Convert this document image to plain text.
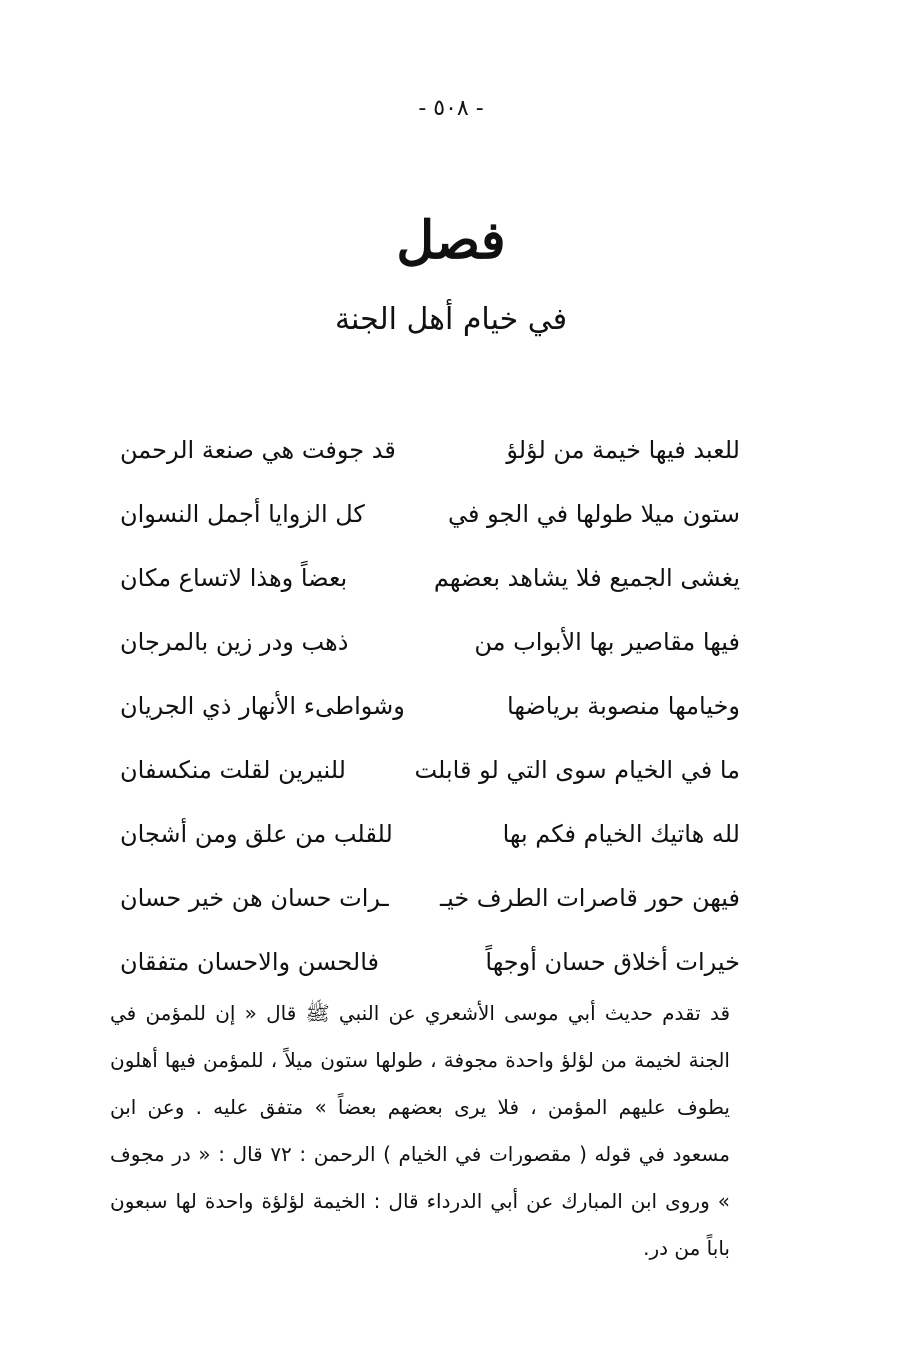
- ٥٠٨ -
فصل
في خيام أهل الجنة
للعبد فيها خيمة من لؤلؤ
قد جوفت هي صنعة الرحمن
ستون ميلا طولها في الجو في
كل الزوايا أجمل النسوان
يغشى الجميع فلا يشاهد بعضهم
بعضاً وهذا لاتساع مكان
فيها مقاصير بها الأبواب من
ذهب ودر زين بالمرجان
وخيامها منصوبة برياضها
وشواطىء الأنهار ذي الجريان
ما في الخيام سوى التي لو قابلت
للنيرين لقلت منكسفان
لله هاتيك الخيام فكم بها
للقلب من علق ومن أشجان
فيهن حور قاصرات الطرف خيـ
ـرات حسان هن خير حسان
خيرات أخلاق حسان أوجهاً
فالحسن والاحسان متفقان
قد تقدم حديث أبي موسى الأشعري عن النبي ﷺ قال « إن للمؤمن في الجنة لخيمة من لؤلؤ واحدة مجوفة ، طولها ستون ميلاً ، للمؤمن فيها أهلون يطوف عليهم المؤمن ، فلا يرى بعضهم بعضاً » متفق عليه . وعن ابن مسعود في قوله ( مقصورات في الخيام ) الرحمن : ٧٢ قال : « در مجوف » وروى ابن المبارك عن أبي الدرداء قال : الخيمة لؤلؤة واحدة لها سبعون باباً من در.
